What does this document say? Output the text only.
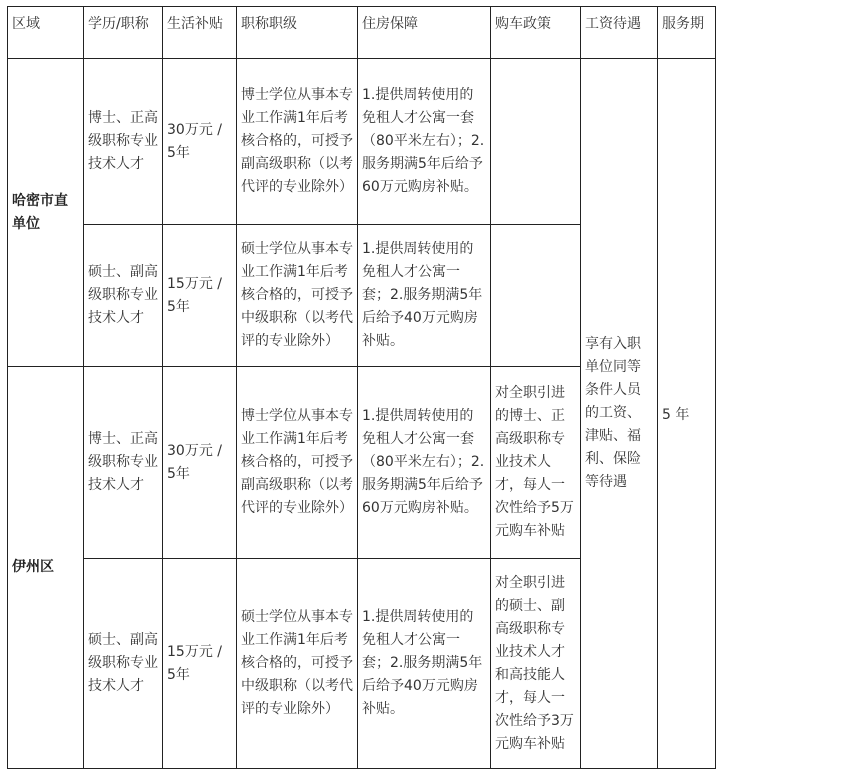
区域	学历/职称	生活补贴	职称职级	住房保障	购车政策	工资待遇	服务期
哈密市直单位	博士、正高级职称专业技术人才	30万元 / 5年	博士学位从事本专业工作满1年后考核合格的，可授予副高级职称（以考代评的专业除外）	1.提供周转使用的免租人才公寓一套（80平米左右）；2.服务期满5年后给予60万元购房补贴。		享有入职单位同等条件人员的工资、津贴、福利、保险等待遇	5 年
	硕士、副高级职称专业技术人才	15万元 / 5年	硕士学位从事本专业工作满1年后考核合格的，可授予中级职称（以考代评的专业除外）	1.提供周转使用的免租人才公寓一套；2.服务期满5年后给予40万元购房补贴。			
伊州区	博士、正高级职称专业技术人才	30万元 / 5年	博士学位从事本专业工作满1年后考核合格的，可授予副高级职称（以考代评的专业除外）	1.提供周转使用的免租人才公寓一套（80平米左右）；2.服务期满5年后给予60万元购房补贴。	对全职引进的博士、正高级职称专业技术人才，每人一次性给予5万元购车补贴		
	硕士、副高级职称专业技术人才	15万元 / 5年	硕士学位从事本专业工作满1年后考核合格的，可授予中级职称（以考代评的专业除外）	1.提供周转使用的免租人才公寓一套；2.服务期满5年后给予40万元购房补贴。	对全职引进的硕士、副高级职称专业技术人才和高技能人才，每人一次性给予3万元购车补贴		
